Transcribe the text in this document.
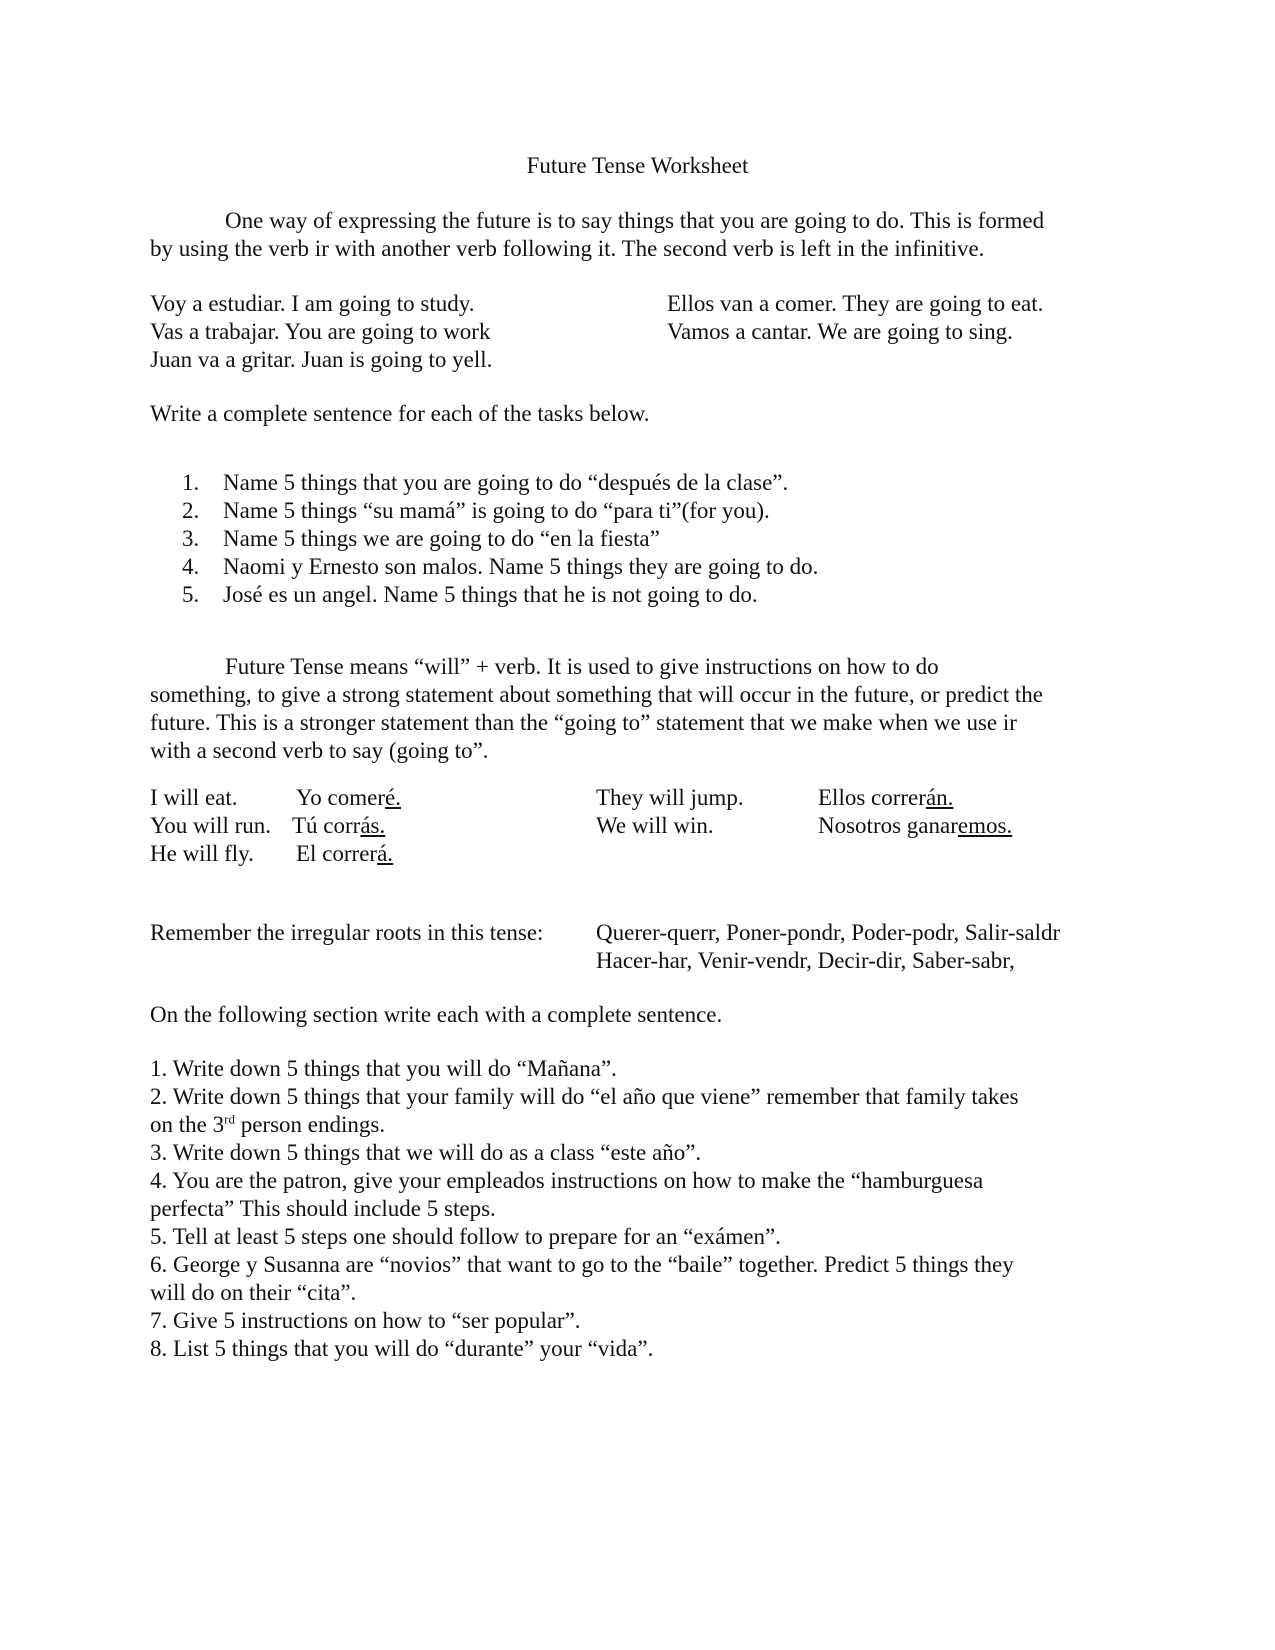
Future Tense Worksheet
One way of expressing the future is to say things that you are going to do. This is formed
by using the verb ir with another verb following it. The second verb is left in the infinitive.
Voy a estudiar. I am going to study.
Vas a trabajar. You are going to work
Juan va a gritar. Juan is going to yell.
Ellos van a comer. They are going to eat.
Vamos a cantar. We are going to sing.
Write a complete sentence for each of the tasks below.
1. Name 5 things that you are going to do “después de la clase”.
2. Name 5 things “su mamá” is going to do “para ti”(for you).
3. Name 5 things we are going to do “en la fiesta”
4. Naomi y Ernesto son malos. Name 5 things they are going to do.
5. José es un angel. Name 5 things that he is not going to do.
Future Tense means “will” + verb. It is used to give instructions on how to do
something, to give a strong statement about something that will occur in the future, or predict the
future. This is a stronger statement than the “going to” statement that we make when we use ir
with a second verb to say (going to”.
I will eat.
You will run.
He will fly.
Yo comeré.
Tú corrás.
El correrá.
They will jump.
We will win.
Ellos correrán.
Nosotros ganaremos.
Remember the irregular roots in this tense: Querer-querr, Poner-pondr, Poder-podr, Salir-saldr
Hacer-har, Venir-vendr, Decir-dir, Saber-sabr,
On the following section write each with a complete sentence.
1. Write down 5 things that you will do “Mañana”.
2. Write down 5 things that your family will do “el año que viene” remember that family takes
on the 3rd person endings.
3. Write down 5 things that we will do as a class “este año”.
4. You are the patron, give your empleados instructions on how to make the “hamburguesa
perfecta” This should include 5 steps.
5. Tell at least 5 steps one should follow to prepare for an “exámen”.
6. George y Susanna are “novios” that want to go to the “baile” together. Predict 5 things they
will do on their “cita”.
7. Give 5 instructions on how to “ser popular”.
8. List 5 things that you will do “durante” your “vida”.
